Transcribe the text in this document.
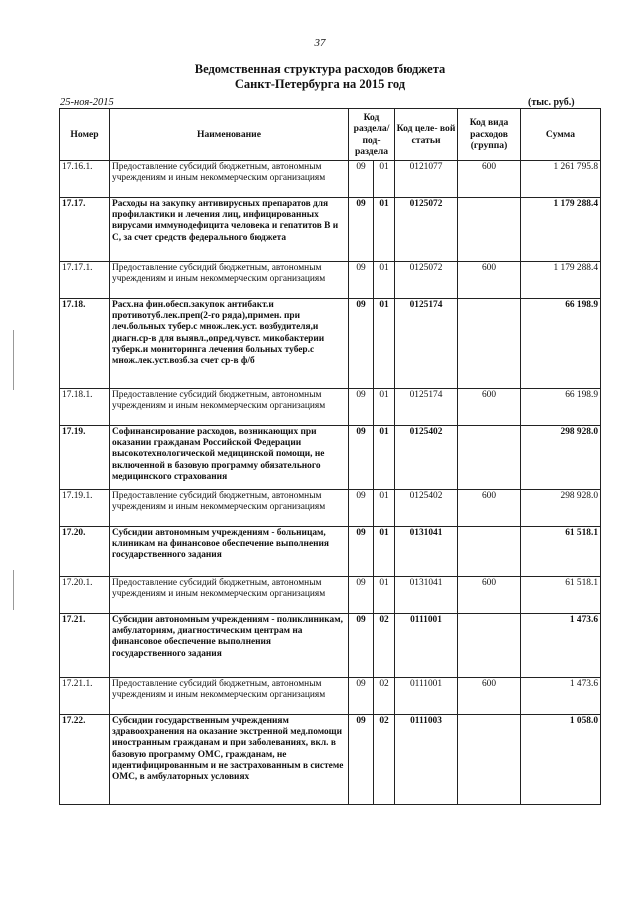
37
Ведомственная структура расходов бюджета
Санкт-Петербурга на 2015 год
25-ноя-2015	(тыс. руб.)
Номер	Наименование	Код раздела/ под- раздела		Код целе- вой статьи	Код вида расходов (группа)	Сумма
17.16.1.	Предоставление субсидий бюджетным, автономным учреждениям и иным некоммерческим организациям	09	01	0121077	600	1 261 795.8
17.17.	Расходы на закупку антивирусных препаратов для профилактики и лечения лиц, инфицированных вирусами иммунодефицита человека и гепатитов В и С, за счет средств федерального бюджета	09	01	0125072		1 179 288.4
17.17.1.	Предоставление субсидий бюджетным, автономным учреждениям и иным некоммерческим организациям	09	01	0125072	600	1 179 288.4
17.18.	Расх.на фин.обесп.закупок антибакт.и противотуб.лек.преп(2-го ряда),примен. при леч.больных тубер.с множ.лек.уст. возбудителя,и диагн.ср-в для выявл.,опред.чувст. микобактерии туберк.и мониторинга лечения больных тубер.с множ.лек.уст.возб.за счет ср-в ф/б	09	01	0125174		66 198.9
17.18.1.	Предоставление субсидий бюджетным, автономным учреждениям и иным некоммерческим организациям	09	01	0125174	600	66 198.9
17.19.	Софинансирование расходов, возникающих при оказании гражданам Российской Федерации высокотехнологической медицинской помощи, не включенной в базовую программу обязательного медицинского страхования	09	01	0125402		298 928.0
17.19.1.	Предоставление субсидий бюджетным, автономным учреждениям и иным некоммерческим организациям	09	01	0125402	600	298 928.0
17.20.	Субсидии автономным учреждениям - больницам, клиникам на финансовое обеспечение выполнения государственного задания	09	01	0131041		61 518.1
17.20.1.	Предоставление субсидий бюджетным, автономным учреждениям и иным некоммерческим организациям	09	01	0131041	600	61 518.1
17.21.	Субсидии автономным учреждениям - поликлиникам, амбулаториям, диагностическим центрам на финансовое обеспечение выполнения государственного задания	09	02	0111001		1 473.6
17.21.1.	Предоставление субсидий бюджетным, автономным учреждениям и иным некоммерческим организациям	09	02	0111001	600	1 473.6
17.22.	Субсидии государственным учреждениям здравоохранения на оказание экстренной мед.помощи иностранным гражданам и при заболеваниях, вкл. в базовую программу ОМС, гражданам, не идентифицированным и не застрахованным в системе ОМС, в амбулаторных условиях	09	02	0111003		1 058.0
